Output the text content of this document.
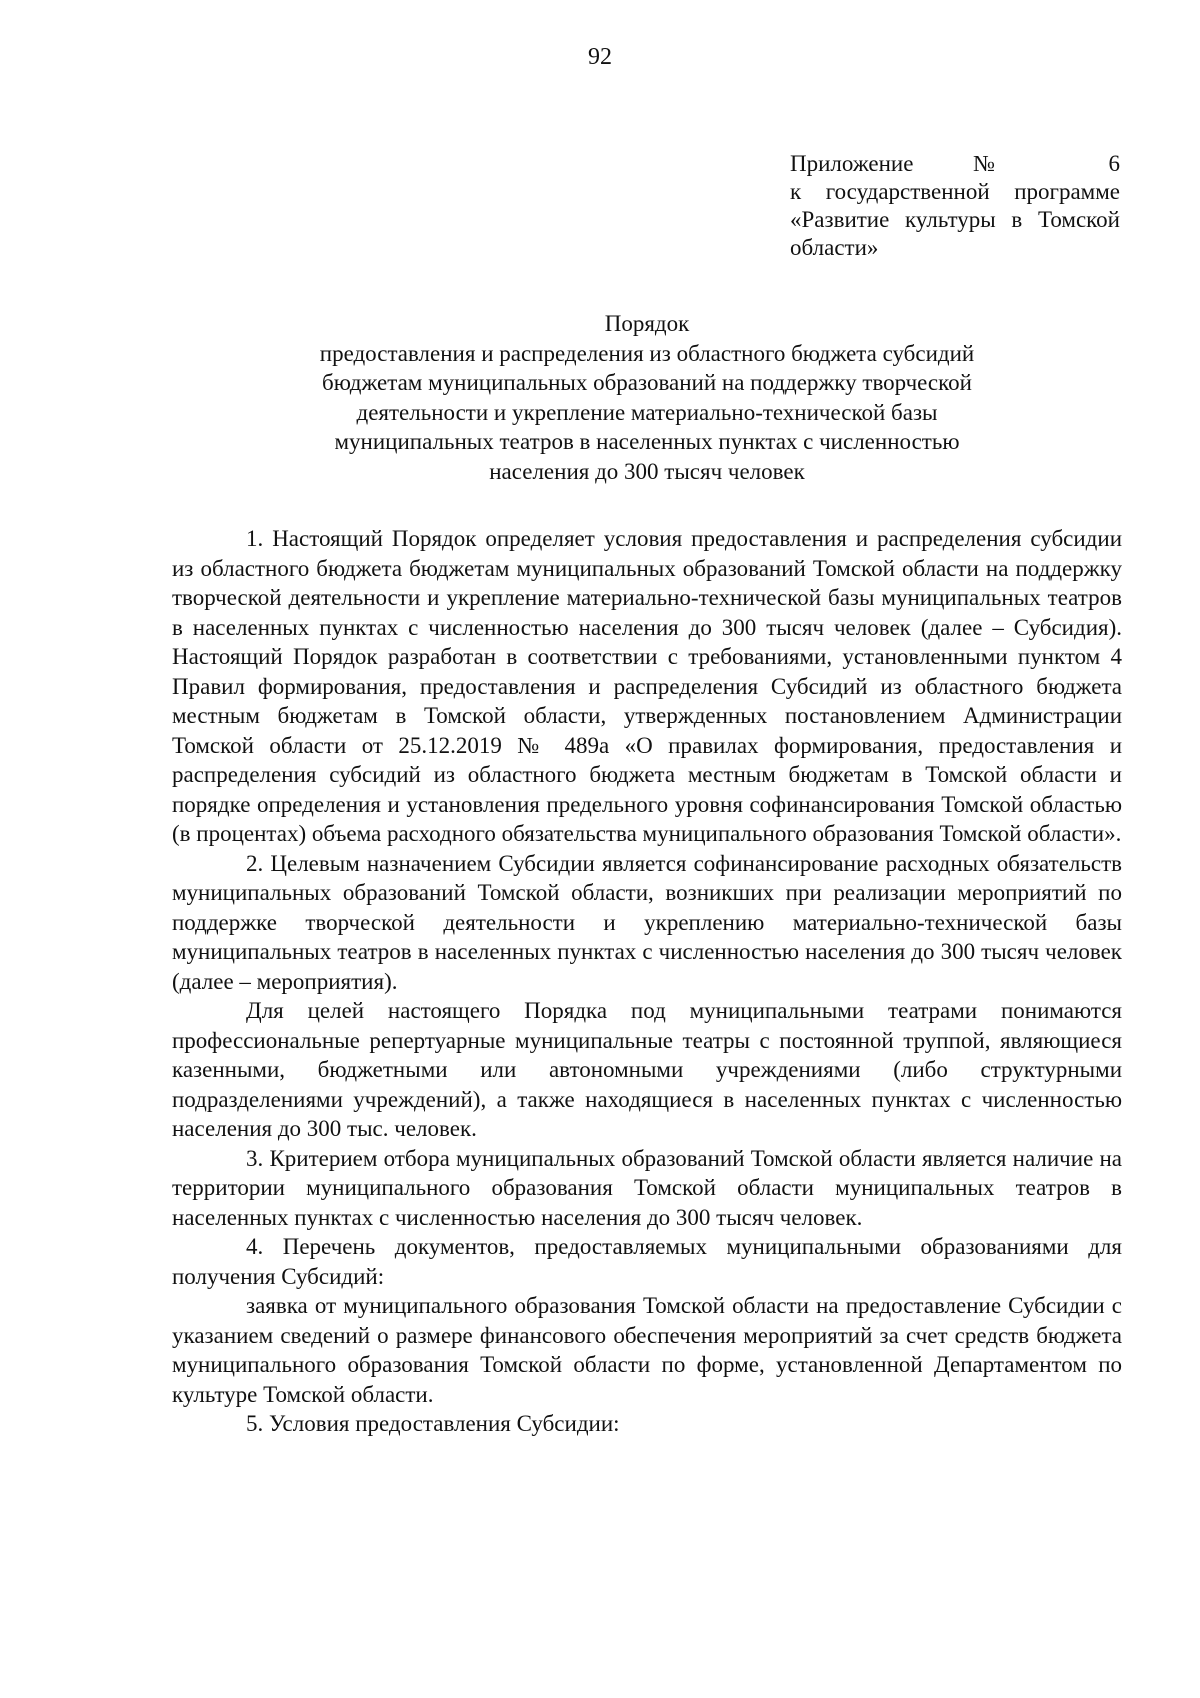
92
Приложение № 6
к государственной программе
«Развитие культуры в Томской
области»
Порядок
предоставления и распределения из областного бюджета субсидий
бюджетам муниципальных образований на поддержку творческой
деятельности и укрепление материально-технической базы
муниципальных театров в населенных пунктах с численностью
населения до 300 тысяч человек

1. Настоящий Порядок определяет условия предоставления и распределения субсидии из областного бюджета бюджетам муниципальных образований Томской области на поддержку творческой деятельности и укрепление материально-технической базы муниципальных театров в населенных пунктах с численностью населения до 300 тысяч человек (далее – Субсидия). Настоящий Порядок разработан в соответствии с требованиями, установленными пунктом 4 Правил формирования, предоставления и распределения Субсидий из областного бюджета местным бюджетам в Томской области, утвержденных постановлением Администрации Томской области от 25.12.2019 № 489а «О правилах формирования, предоставления и распределения субсидий из областного бюджета местным бюджетам в Томской области и порядке определения и установления предельного уровня софинансирования Томской областью (в процентах) объема расходного обязательства муниципального образования Томской области».

2. Целевым назначением Субсидии является софинансирование расходных обязательств муниципальных образований Томской области, возникших при реализации мероприятий по поддержке творческой деятельности и укреплению материально-технической базы муниципальных театров в населенных пунктах с численностью населения до 300 тысяч человек (далее – мероприятия).

Для целей настоящего Порядка под муниципальными театрами понимаются профессиональные репертуарные муниципальные театры с постоянной труппой, являющиеся казенными, бюджетными или автономными учреждениями (либо структурными подразделениями учреждений), а также находящиеся в населенных пунктах с численностью населения до 300 тыс. человек.

3. Критерием отбора муниципальных образований Томской области является наличие на территории муниципального образования Томской области муниципальных театров в населенных пунктах с численностью населения до 300 тысяч человек.

4. Перечень документов, предоставляемых муниципальными образованиями для получения Субсидий:

заявка от муниципального образования Томской области на предоставление Субсидии с указанием сведений о размере финансового обеспечения мероприятий за счет средств бюджета муниципального образования Томской области по форме, установленной Департаментом по культуре Томской области.

5. Условия предоставления Субсидии:
